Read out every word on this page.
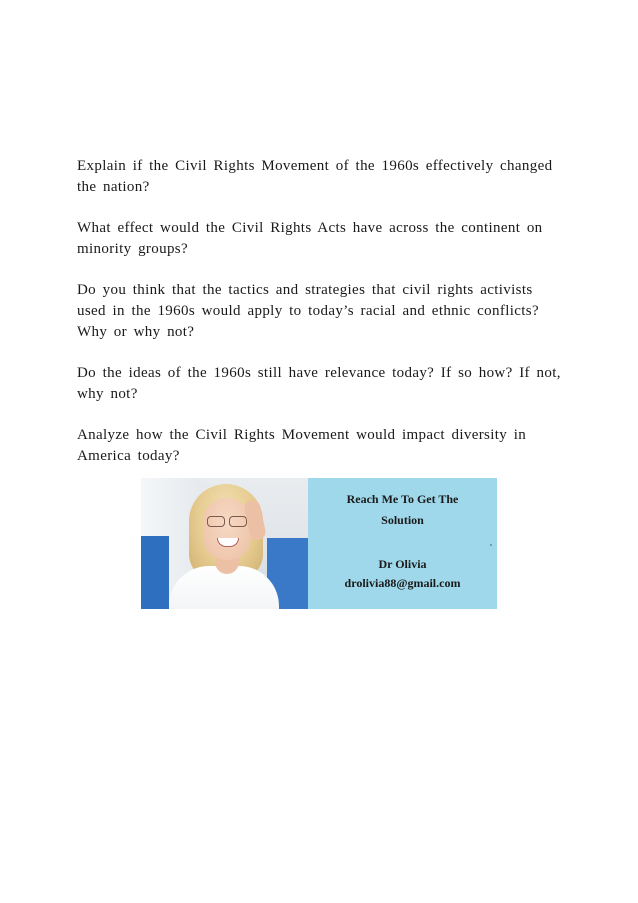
Explain if the Civil Rights Movement of the 1960s effectively changed the nation?

What effect would the Civil Rights Acts have across the continent on minority groups?

Do you think that the tactics and strategies that civil rights activists used in the 1960s would apply to today’s racial and ethnic conflicts? Why or why not?

Do the ideas of the 1960s still have relevance today? If so how? If not, why not?

Analyze how the Civil Rights Movement would impact diversity in America today?

Reach Me To Get The
Solution
Dr Olivia
drolivia88@gmail.com
